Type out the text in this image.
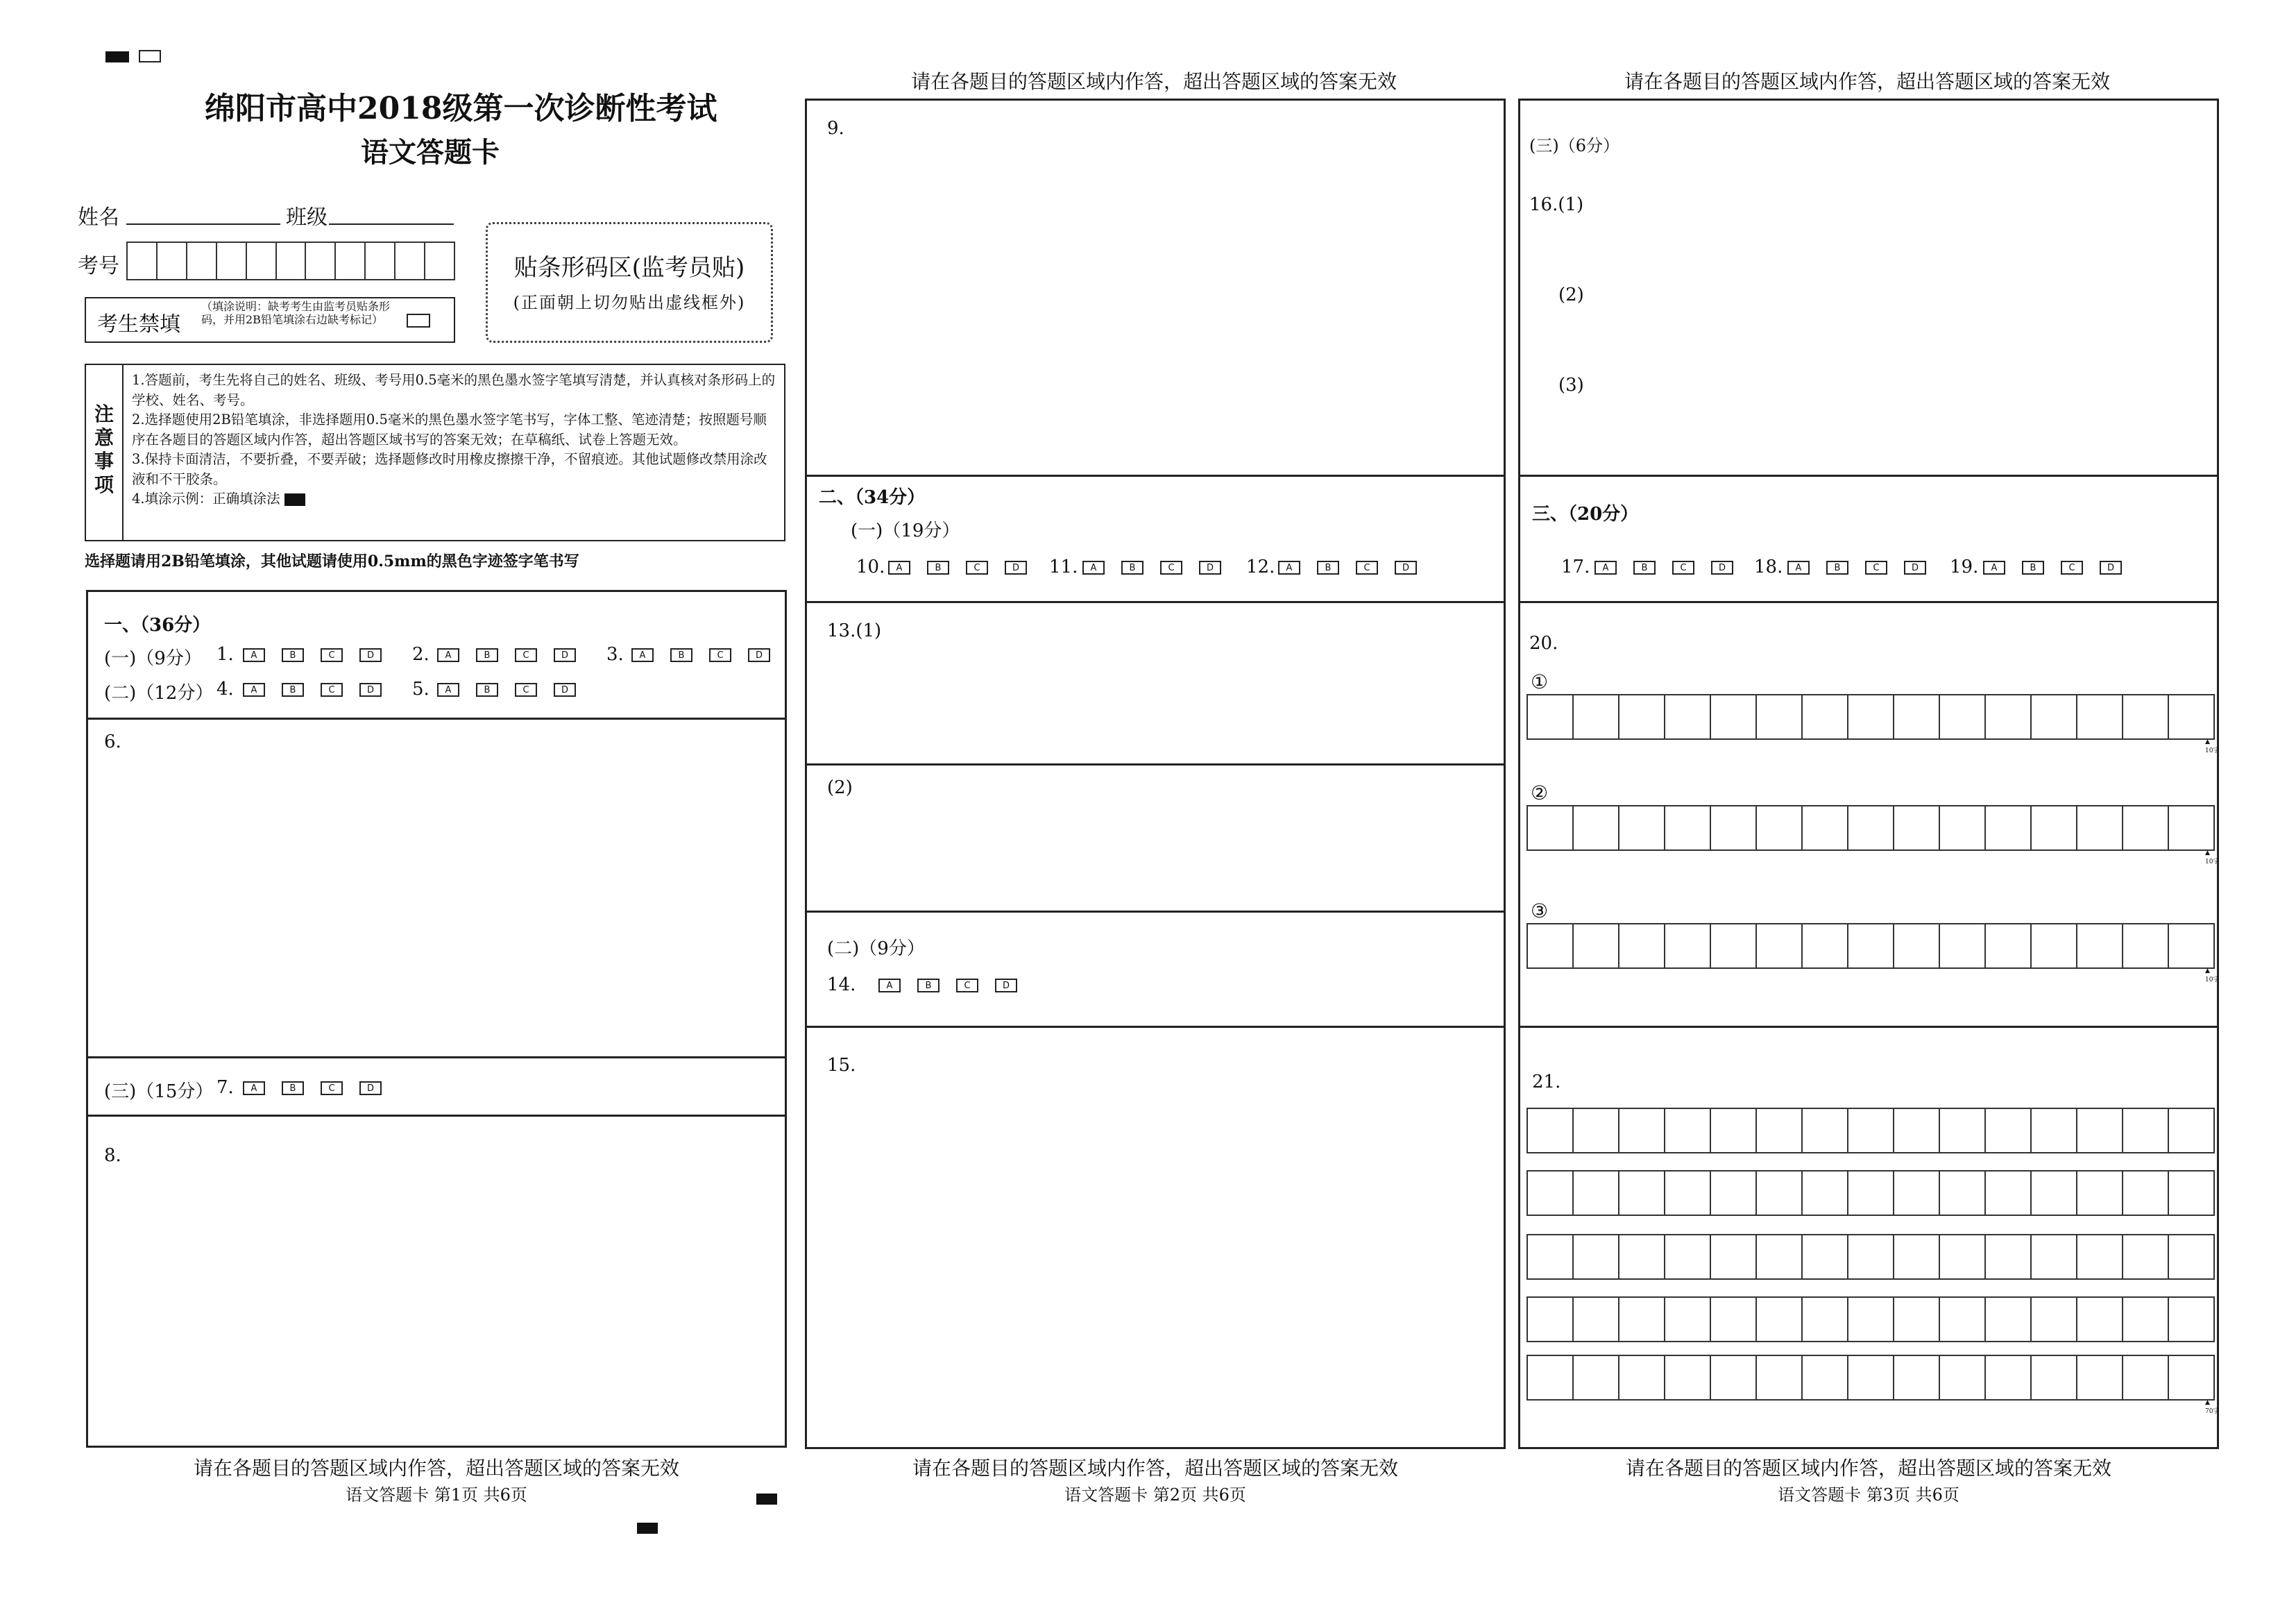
绵阳市高中2018级第一次诊断性考试
语文答题卡
姓名	班级
考号
考生禁填
（填涂说明：缺考考生由监考员贴条形码，并用2B铅笔填涂右边缺考标记）
贴条形码区(监考员贴)
(正面朝上切勿贴出虚线框外)
注
意
事
项
1.答题前，考生先将自己的姓名、班级、考号用0.5毫米的黑色墨水签字笔填写清楚，并认真核对条形码上的学校、姓名、考号。
2.选择题使用2B铅笔填涂，非选择题用0.5毫米的黑色墨水签字笔书写，字体工整、笔迹清楚；按照题号顺序在各题目的答题区域内作答，超出答题区域书写的答案无效；在草稿纸、试卷上答题无效。
3.保持卡面清洁，不要折叠，不要弄破；选择题修改时用橡皮擦擦干净，不留痕迹。其他试题修改禁用涂改液和不干胶条。
4.填涂示例：正确填涂法
选择题请用2B铅笔填涂，其他试题请使用0.5mm的黑色字迹签字笔书写
一、（36分）
(一)（9分） 1.	A	B	C	D	2.	A	B	C	D	3.	A	B	C	D
(二)（12分） 4.	A	B	C	D	5.	A	B	C	D
6.
(三)（15分） 7.	A	B	C	D
8.
请在各题目的答题区域内作答，超出答题区域的答案无效
语文答题卡 第1页 共6页
请在各题目的答题区域内作答，超出答题区域的答案无效
9.
二、（34分）
(一)（19分）
10.	A	B	C	D	11.	A	B	C	D	12.	A	B	C	D
13.(1)
(2)
(二)（9分）
14.	A	B	C	D
15.
请在各题目的答题区域内作答，超出答题区域的答案无效
语文答题卡 第2页 共6页
请在各题目的答题区域内作答，超出答题区域的答案无效
(三)（6分）
16.(1)
(2)
(3)
三、（20分）
17.	A	B	C	D	18.	A	B	C	D	19.	A	B	C	D
20.
①
▲
10字
②
▲
10字
③
▲
10字
21.
▲
70字
请在各题目的答题区域内作答，超出答题区域的答案无效
语文答题卡 第3页 共6页
